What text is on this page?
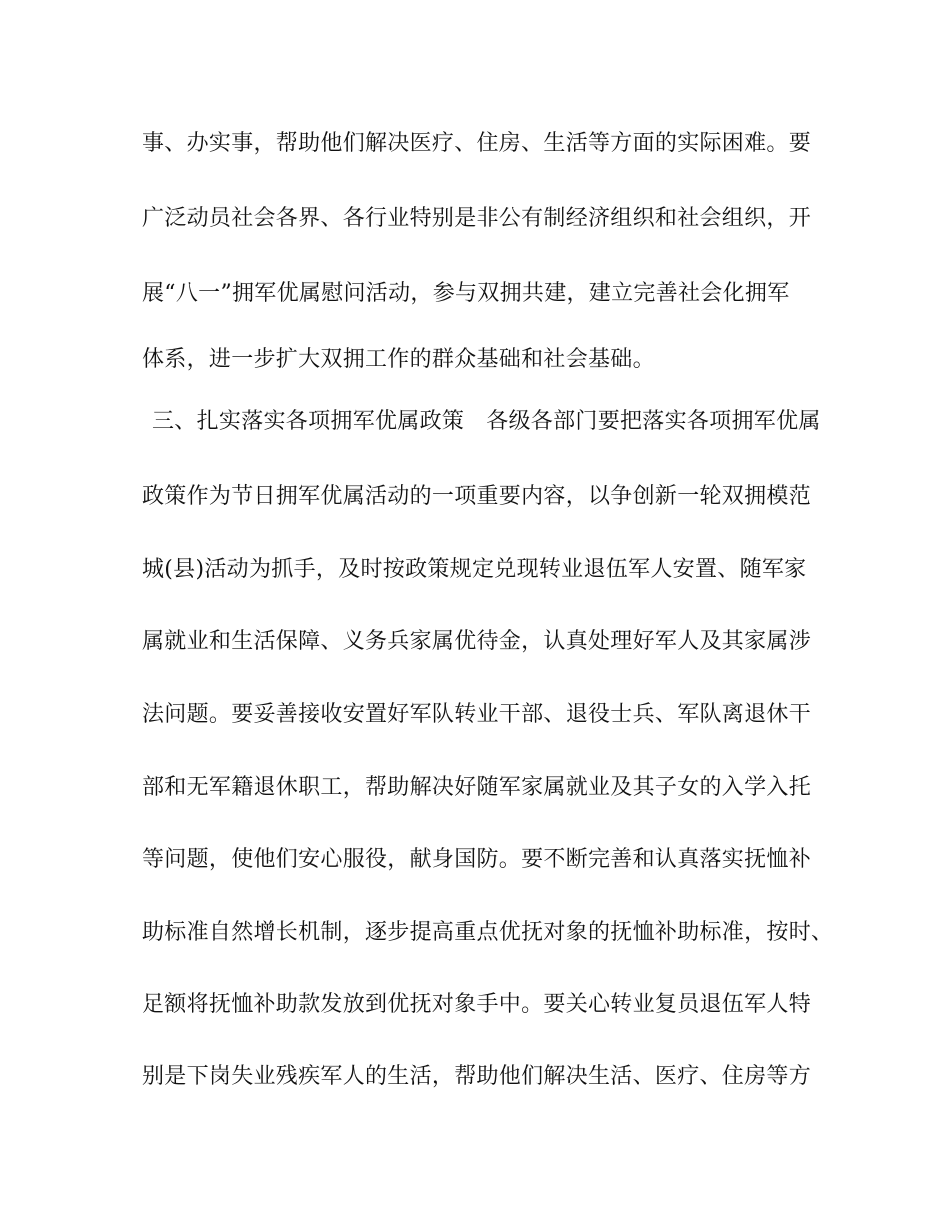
事、办实事，帮助他们解决医疗、住房、生活等方面的实际困难。要
广泛动员社会各界、各行业特别是非公有制经济组织和社会组织，开
展“八一”拥军优属慰问活动，参与双拥共建，建立完善社会化拥军
体系，进一步扩大双拥工作的群众基础和社会基础。
三、扎实落实各项拥军优属政策 各级各部门要把落实各项拥军优属
政策作为节日拥军优属活动的一项重要内容，以争创新一轮双拥模范
城(县)活动为抓手，及时按政策规定兑现转业退伍军人安置、随军家
属就业和生活保障、义务兵家属优待金，认真处理好军人及其家属涉
法问题。要妥善接收安置好军队转业干部、退役士兵、军队离退休干
部和无军籍退休职工，帮助解决好随军家属就业及其子女的入学入托
等问题，使他们安心服役，献身国防。要不断完善和认真落实抚恤补
助标准自然增长机制，逐步提高重点优抚对象的抚恤补助标准，按时、
足额将抚恤补助款发放到优抚对象手中。要关心转业复员退伍军人特
别是下岗失业残疾军人的生活，帮助他们解决生活、医疗、住房等方
